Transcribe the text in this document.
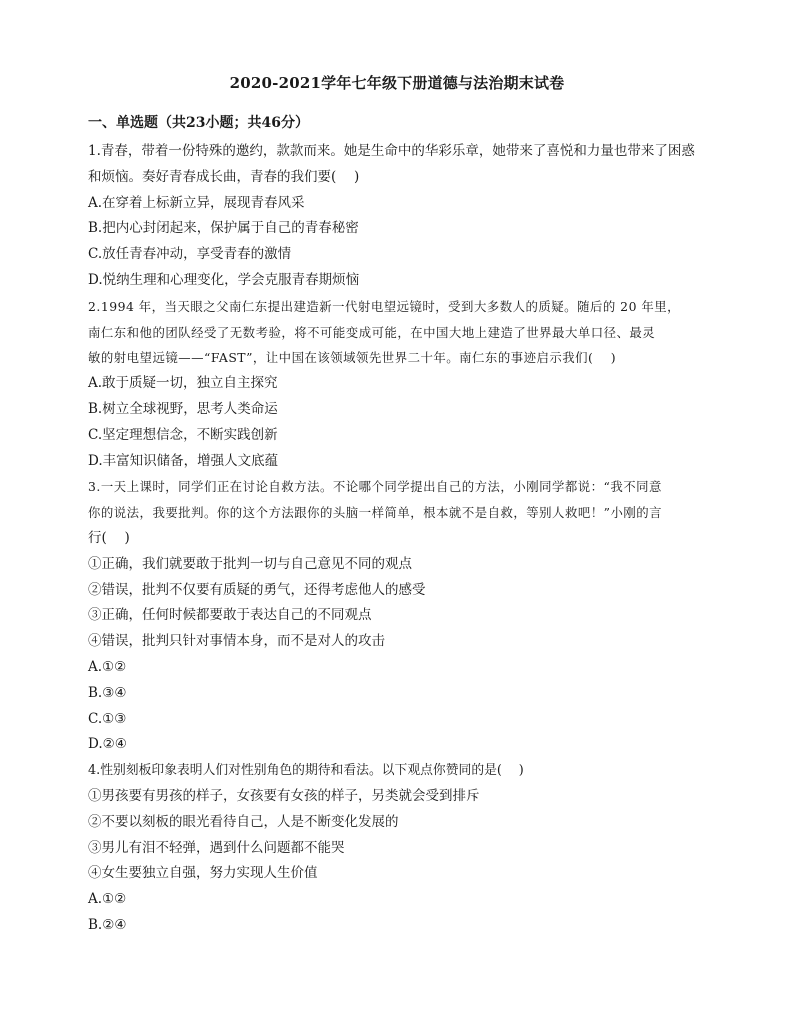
2020-2021学年七年级下册道德与法治期末试卷
一、单选题（共23小题；共46分）
1.青春，带着一份特殊的邀约，款款而来。她是生命中的华彩乐章，她带来了喜悦和力量也带来了困惑
和烦恼。奏好青春成长曲，青春的我们要(　 )
A.在穿着上标新立异，展现青春风采
B.把内心封闭起来，保护属于自己的青春秘密
C.放任青春冲动，享受青春的激情
D.悦纳生理和心理变化，学会克服青春期烦恼
2.1994 年，当天眼之父南仁东提出建造新一代射电望远镜时，受到大多数人的质疑。随后的 20 年里，
南仁东和他的团队经受了无数考验，将不可能变成可能，在中国大地上建造了世界最大单口径、最灵
敏的射电望远镜——“FAST”，让中国在该领域领先世界二十年。南仁东的事迹启示我们(　 )
A.敢于质疑一切，独立自主探究
B.树立全球视野，思考人类命运
C.坚定理想信念，不断实践创新
D.丰富知识储备，增强人文底蕴
3.一天上课时，同学们正在讨论自救方法。不论哪个同学提出自己的方法，小刚同学都说：“我不同意
你的说法，我要批判。你的这个方法跟你的头脑一样简单，根本就不是自救，等别人救吧！”小刚的言
行(　 )
①正确，我们就要敢于批判一切与自己意见不同的观点
②错误，批判不仅要有质疑的勇气，还得考虑他人的感受
③正确，任何时候都要敢于表达自己的不同观点
④错误，批判只针对事情本身，而不是对人的攻击
A.①②
B.③④
C.①③
D.②④
4.性别刻板印象表明人们对性别角色的期待和看法。以下观点你赞同的是(　 )
①男孩要有男孩的样子，女孩要有女孩的样子，另类就会受到排斥
②不要以刻板的眼光看待自己，人是不断变化发展的
③男儿有泪不轻弹，遇到什么问题都不能哭
④女生要独立自强，努力实现人生价值
A.①②
B.②④
